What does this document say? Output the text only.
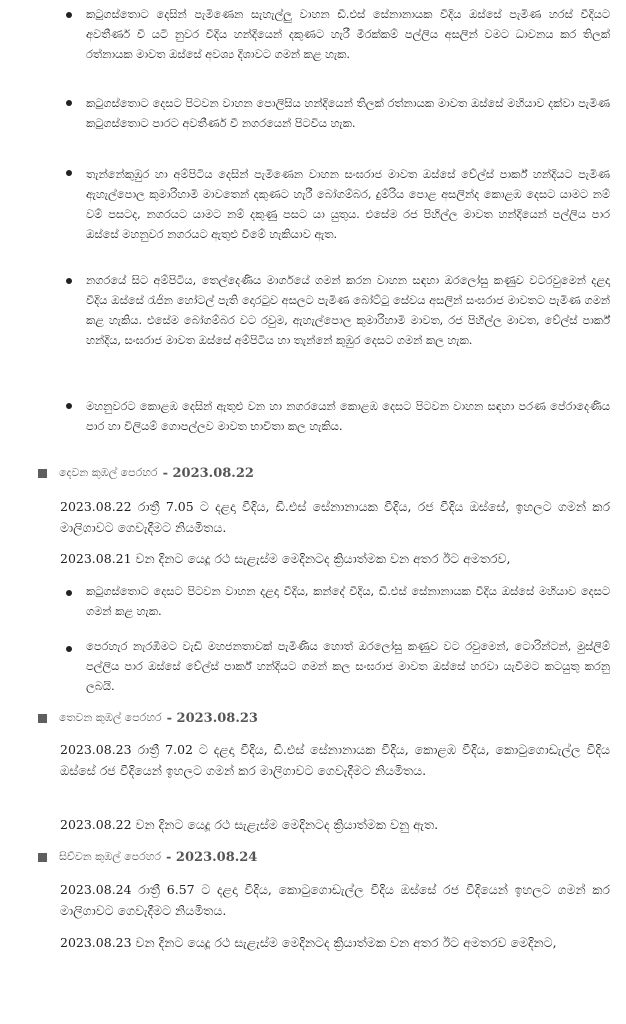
කටුගස්තොට දෙසින් පැමිණෙන සැහැල්ලු වාහන ඩී.එස් සේනානායක වීදිය ඔස්සේ පැමිණ හරස් වීදියට අවතීර්ණ වී යටි නුවර වීදිය හන්දියෙන් දකුණට හැරී මීරක්කම් පල්ලිය අසලින් වමට ධාවනය කර තිලක් රත්නායක මාවත ඔස්සේ අවශ්‍ය දිශාවට ගමන් කළ හැක.
කටුගස්තොට දෙසට පිටවන වාහන පොලිසිය හන්දියෙන් තිලක් රත්නායක මාවත ඔස්සේ මහියාව දක්වා පැමිණ කටුගස්තොට පාරට අවතීර්ණ වී නගරයෙන් පිටවිය හැක.
තැන්නේකුඹුර හා අම්පිටිය දෙසින් පැමිණෙන වාහන සංඝරාජ මාවත ඔස්සේ වේල්ස් පාර්ක් හන්දියට පැමිණ ඇහැල්පොල කුමාරිහාමි මාවතෙන් දකුණට හැරී බෝගම්බර, දුම්රිය පොළ අසලින්ද කොළඹ දෙසට යාමට නම් වම් පසටද, නගරයට යාමට නම් දකුණු පසට යා යුතුය. එසේම රජ පිහිල්ල මාවත හන්දියෙන් පල්ලිය පාර ඔස්සේ මහනුවර නගරයට ඇතුළු වීමේ හැකියාව ඇත.
නගරයේ සිට අම්පිටිය, තෙල්දෙණිය මාර්ගයේ ගමන් කරන වාහන සඳහා ඔරලෝසු කණුව වටරවුමෙන් දළදා වීදිය ඔස්සේ රැජින හෝටල් පැති දොරටුව අසලට පැමිණ බෝට්ටු සේවය අසලින් සංඝරාජ මාවතට පැමිණ ගමන් කළ හැකිය. එසේම බෝගම්බර වට රවුම, ඇහැල්පොල කුමාරිහාමි මාවත, රජ පිහිල්ල මාවත, වේල්ස් පාර්ක් හන්දිය, සංඝරාජ මාවත ඔස්සේ අම්පිටිය හා තැන්නේ කුඹුර දෙසට ගමන් කල හැක.
මහනුවරට කොළඹ දෙසින් ඇතුළු වන හා නගරයෙන් කොළඹ දෙසට පිටවන වාහන සඳහා පරණ පේරාදෙණිය පාර හා විලියම් ගොපල්ලව මාවත භාවිතා කල හැකිය.
දෙවන කුඹල් පෙරහර - 2023.08.22
2023.08.22 රාත්‍රී 7.05 ට දළදා වීදිය, ඩී.එස් සේනානායක වීදිය, රජ වීදිය ඔස්සේ, ඉහලට ගමන් කර මාලිගාවට ගෙවැදීමට නියමිතය.
2023.08.21 වන දිනට යෙදූ රථ සැළැස්ම මෙදිනටද ක්‍රියාත්මක වන අතර ඊට අමතරව,
කටුගස්තොට දෙසට පිටවන වාහන දළදා වීදිය, කන්දේ වීදිය, ඩී.එස් සේනානායක වීදිය ඔස්සේ මහියාව දෙසට ගමන් කළ හැක.
පෙරහැර නැරඹීමට වැඩි මහජනතාවක් පැමිණිය හොත් ඔරලෝසු කණුව වට රවුමෙන්, ටොරින්ටන්, මුස්ලිම් පල්ලිය පාර ඔස්සේ වේල්ස් පාර්ක් හන්දියට ගමන් කල සංඝරාජ මාවත ඔස්සේ හරවා යැවීමට කටයුතු කරනු ලබයි.
තෙවන කුඹල් පෙරහර - 2023.08.23
2023.08.23 රාත්‍රී 7.02 ට දළදා වීදිය, ඩී.එස් සේනානායක වීදිය, කොළඹ වීදිය, කොටුගොඩැල්ල වීදිය ඔස්සේ රජ වීදියෙන් ඉහලට ගමන් කර මාලිගාවට ගෙවැදීමට නියමිතය.
2023.08.22 වන දිනට යෙදූ රථ සැළැස්ම මෙදිනටද ක්‍රියාත්මක වනු ඇත.
සිව්වන කුඹල් පෙරහර - 2023.08.24
2023.08.24 රාත්‍රී 6.57 ට දළදා වීදිය, කොටුගොඩැල්ල වීදිය ඔස්සේ රජ වීදියෙන් ඉහලට ගමන් කර මාලිගාවට ගෙවැදීමට නියමිතය.
2023.08.23 වන දිනට යෙදූ රථ සැළැස්ම මෙදිනටද ක්‍රියාත්මක වන අතර ඊට අමතරව මෙදිනට,
